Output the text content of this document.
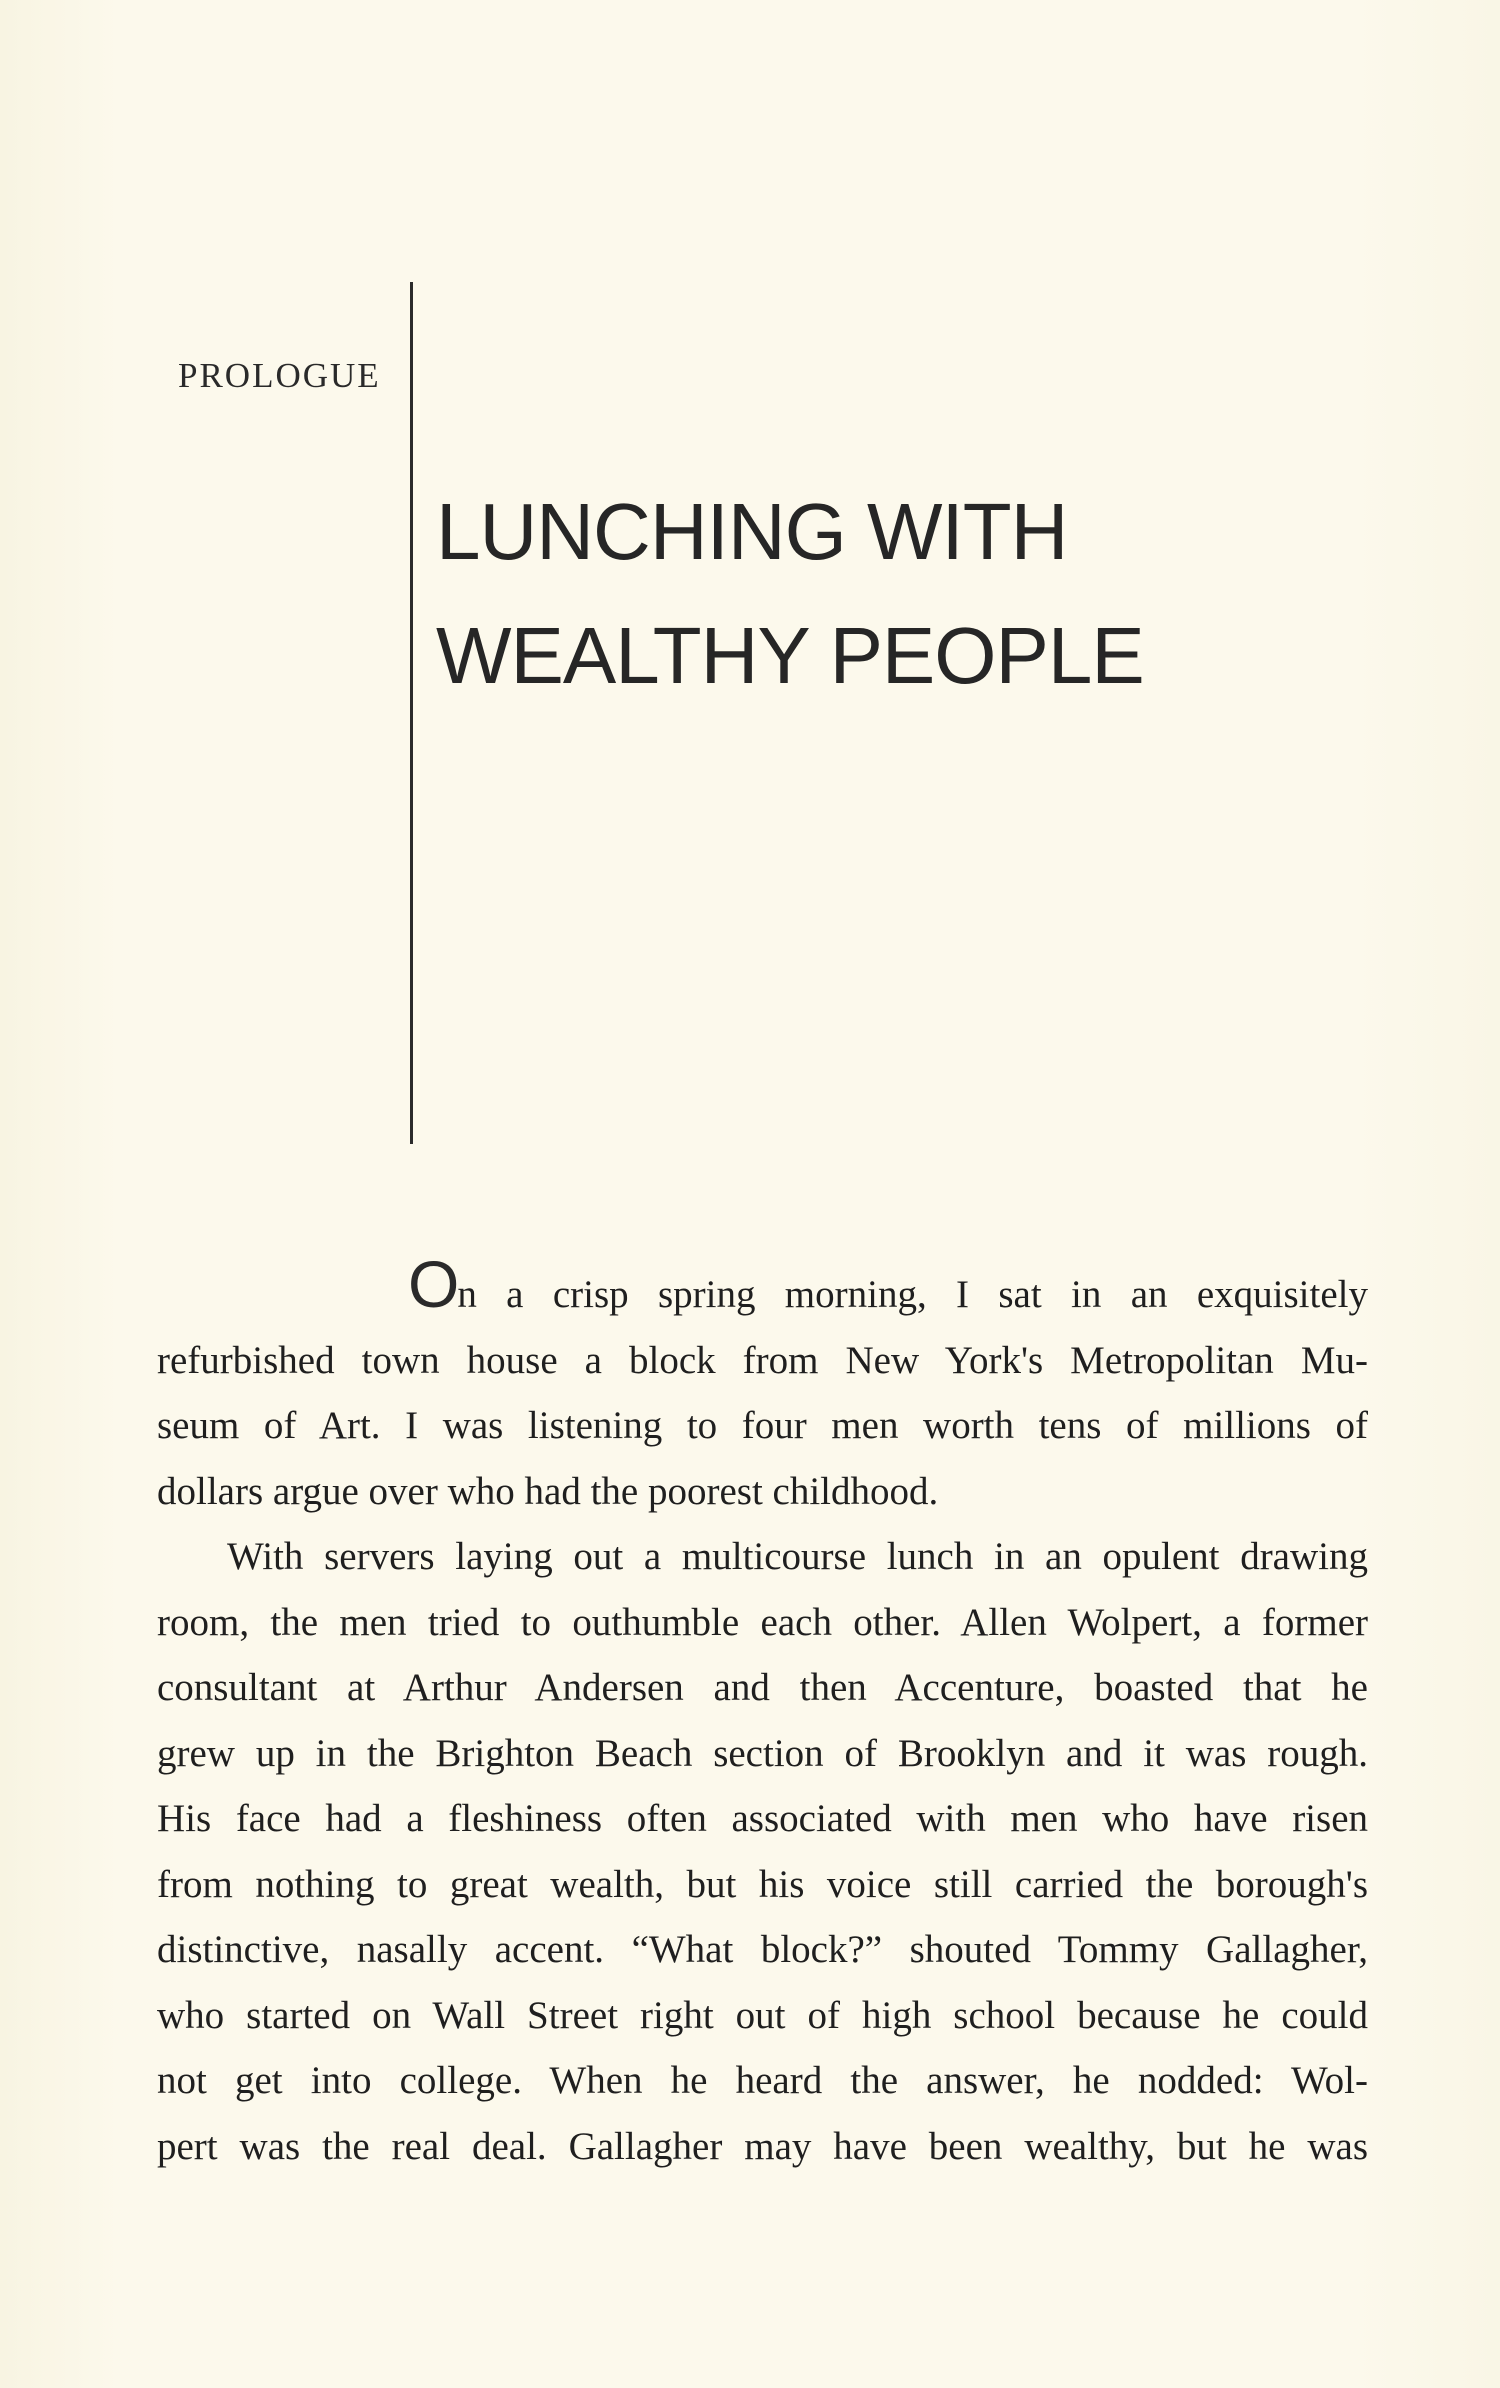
PROLOGUE
LUNCHING WITH
WEALTHY PEOPLE
On a crisp spring morning, I sat in an exquisitely
refurbished town house a block from New York's Metropolitan Mu-
seum of Art. I was listening to four men worth tens of millions of
dollars argue over who had the poorest childhood.
With servers laying out a multicourse lunch in an opulent drawing
room, the men tried to outhumble each other. Allen Wolpert, a former
consultant at Arthur Andersen and then Accenture, boasted that he
grew up in the Brighton Beach section of Brooklyn and it was rough.
His face had a fleshiness often associated with men who have risen
from nothing to great wealth, but his voice still carried the borough's
distinctive, nasally accent. “What block?” shouted Tommy Gallagher,
who started on Wall Street right out of high school because he could
not get into college. When he heard the answer, he nodded: Wol-
pert was the real deal. Gallagher may have been wealthy, but he was
